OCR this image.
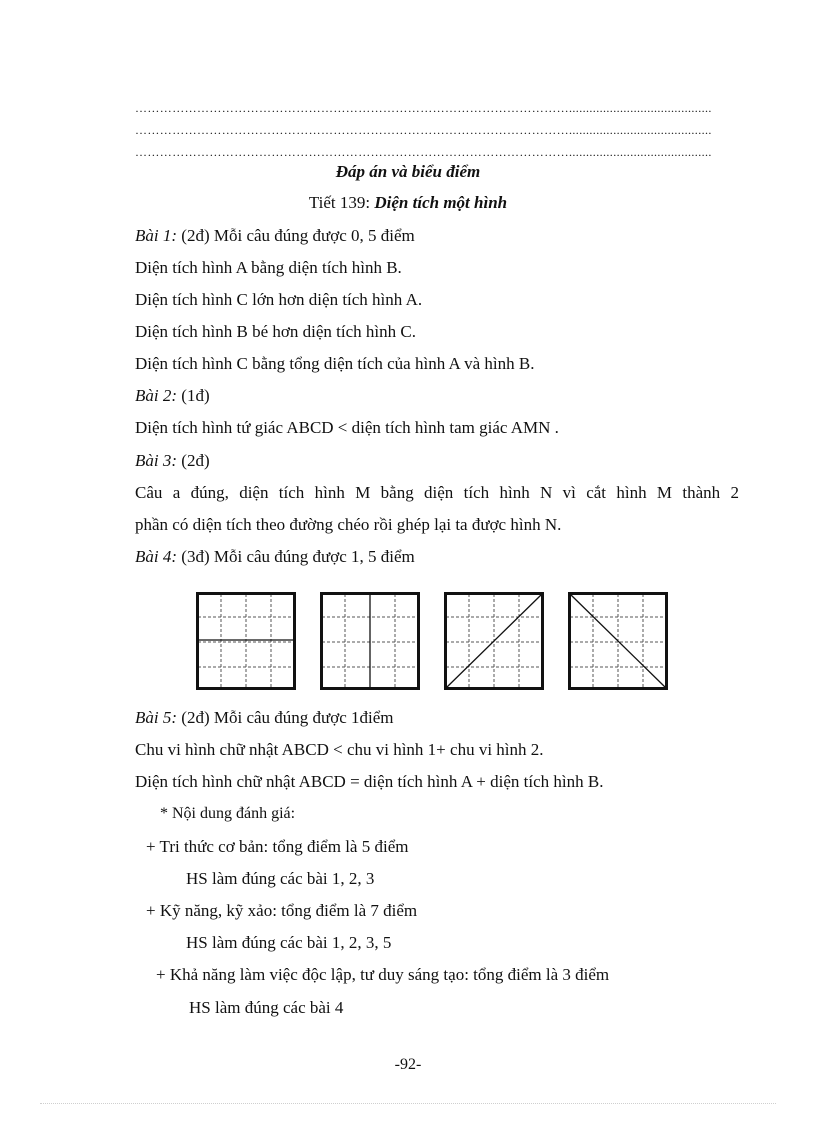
……………………………………………………………………………………………..........................................
……………………………………………………………………………………………..........................................
……………………………………………………………………………………………..........................................
Đáp án và biểu điểm
Tiết 139: Diện tích một hình
Bài 1: (2đ) Mỗi câu đúng được 0, 5 điểm
Diện tích hình A bằng diện tích hình B.
Diện tích hình C lớn hơn diện tích hình A.
Diện tích hình B bé hơn diện tích hình C.
Diện tích hình C bằng tổng diện tích của hình A và hình B.
Bài 2: (1đ)
Diện tích hình tứ giác ABCD < diện tích hình tam giác AMN .
Bài 3: (2đ)
Câu a đúng, diện tích hình M bằng diện tích hình N vì cắt hình M thành 2
phần có diện tích theo đường chéo rồi ghép lại ta được hình N.
Bài 4: (3đ) Mỗi câu đúng được 1, 5 điểm
Bài 5: (2đ) Mỗi câu đúng được 1điểm
Chu vi hình chữ nhật ABCD < chu vi hình 1+ chu vi hình 2.
Diện tích hình chữ nhật ABCD = diện tích hình A + diện tích hình B.
* Nội dung đánh giá:
+ Tri thức cơ bản: tổng điểm là 5 điểm
HS làm đúng các bài 1, 2, 3
+ Kỹ năng, kỹ xảo: tổng điểm là 7 điểm
HS làm đúng các bài 1, 2, 3, 5
+ Khả năng làm việc độc lập, tư duy sáng tạo: tổng điểm là 3 điểm
HS làm đúng các bài 4
-92-
